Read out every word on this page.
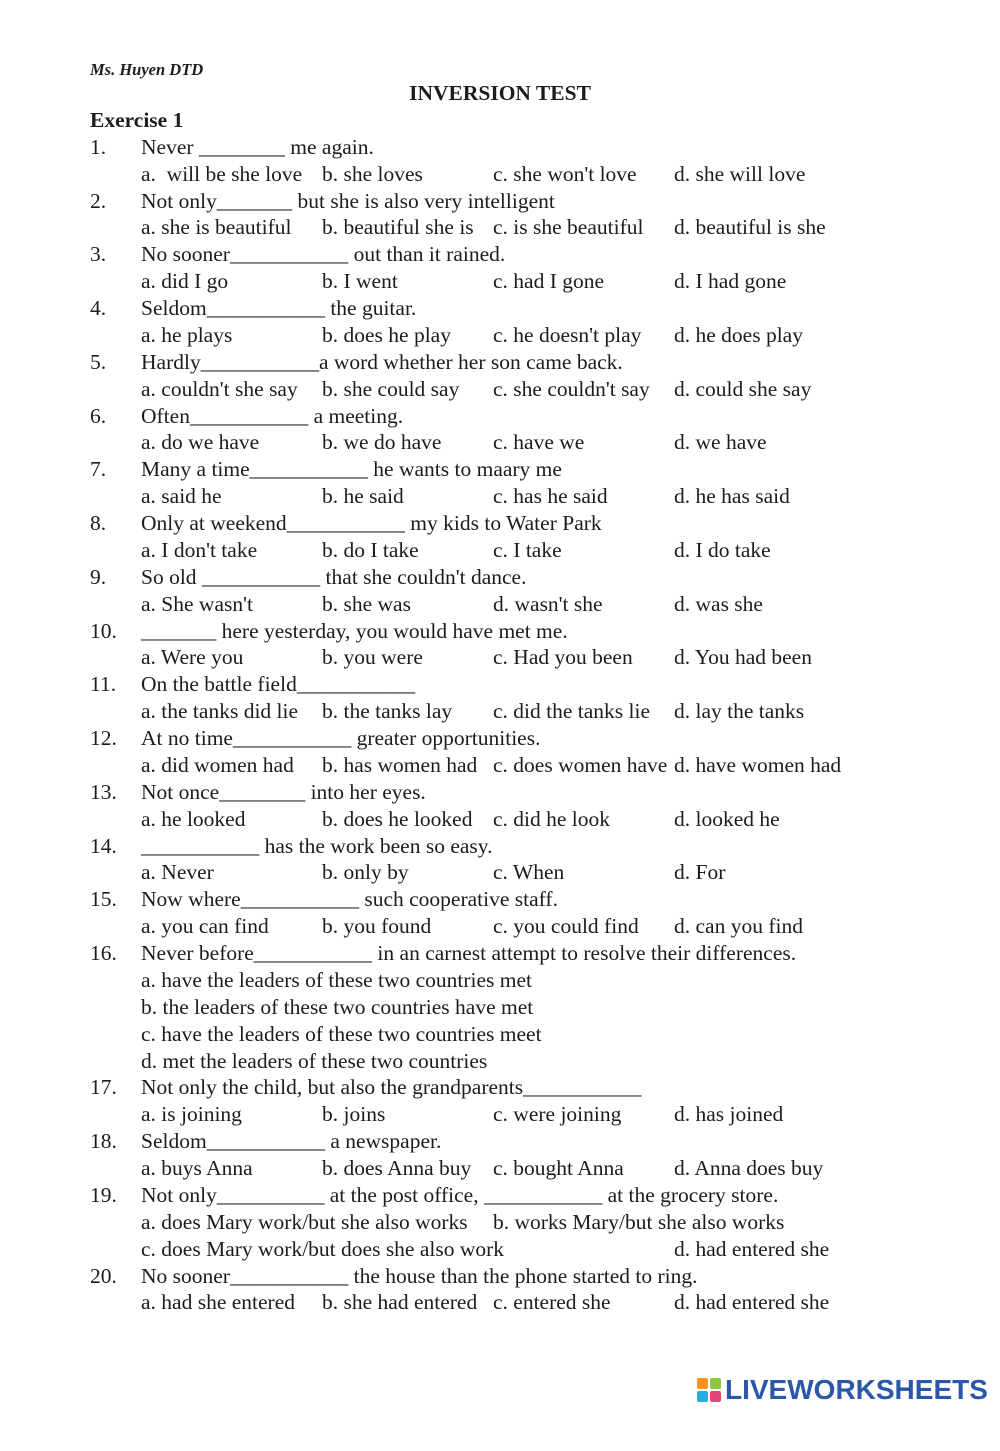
Ms. Huyen DTD
INVERSION TEST
Exercise 1

1.

Never ________ me again.

a.  will be she love

b. she loves

	c. she won't love

d. she will love

2.

Not only_______ but she is also very intelligent

a. she is beautiful

b. beautiful she is

c. is she beautiful

d. beautiful is she

3.

No sooner___________ out than it rained.

a. did I go

	b. I went

	c. had I gone

	d. I had gone

4.

Seldom___________ the guitar.

a. he plays

	b. does he play

c. he doesn't play

d. he does play

5.

Hardly___________a word whether her son came back.

a. couldn't she say

b. she could say

c. she couldn't say

d. could she say

6.

Often___________ a meeting.

a. do we have

	b. we do have

c. have we

	d. we have

7.

Many a time___________ he wants to maary me

a. said he

	b. he said

	c. has he said

	d. he has said

8.

Only at weekend___________ my kids to Water Park

a. I don't take

	b. do I take

	c. I take

	d. I do take

9.

So old ___________ that she couldn't dance.

a. She wasn't

	b. she was

	d. wasn't she

	d. was she

10.

_______ here yesterday, you would have met me.

a. Were you

	b. you were

	c. Had you been

d. You had been

11.

On the battle field___________

a. the tanks did lie

b. the tanks lay

c. did the tanks lie

d. lay the tanks

12.

At no time___________ greater opportunities.

a. did women had

b. has women had

c. does women have

d. have women had

13.

Not once________ into her eyes.

a. he looked

	b. does he looked

c. did he look

	d. looked he

14.

___________ has the work been so easy.

a. Never

	b. only by

	c. When

	d. For

15.

Now where___________ such cooperative staff.

a. you can find

b. you found

	c. you could find

d. can you find

16.

Never before___________ in an carnest attempt to resolve their differences.

a. have the leaders of these two countries met

b. the leaders of these two countries have met

c. have the leaders of these two countries meet

d. met the leaders of these two countries

17.

Not only the child, but also the grandparents___________

a. is joining

	b. joins

	c. were joining

d. has joined

18.

Seldom___________ a newspaper.

a. buys Anna

	b. does Anna buy

c. bought Anna

d. Anna does buy

19.

Not only__________ at the post office, ___________ at the grocery store.

a. does Mary work/but she also works

b. works Mary/but she also works

c. does Mary work/but does she also work

	d. had entered she

20.

No sooner___________ the house than the phone started to ring.

a. had she entered

b. she had entered

c. entered she

	d. had entered she

LIVEWORKSHEETS
